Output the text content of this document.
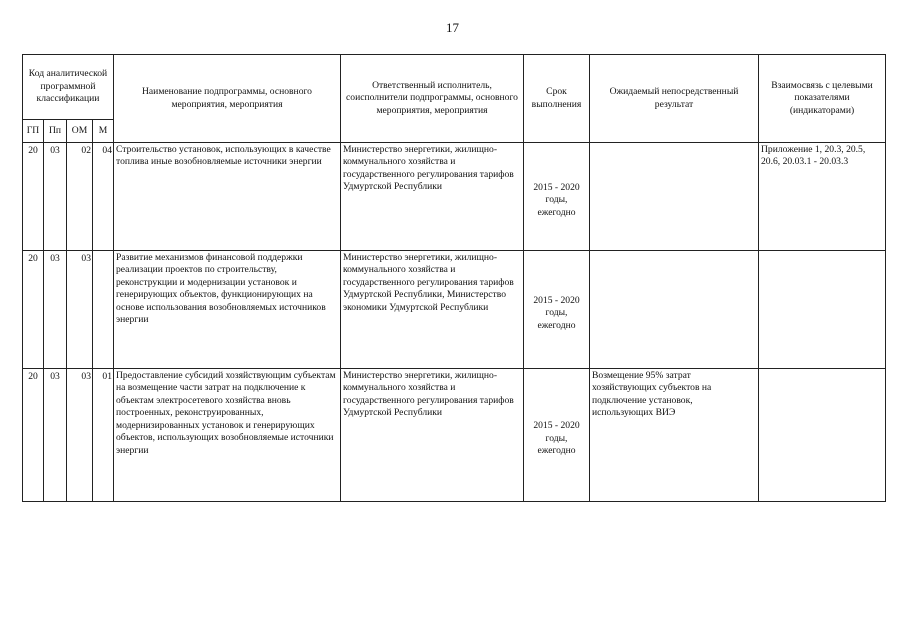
17
Код аналитической программной классификации				Наименование подпрограммы, основного мероприятия, мероприятия	Ответственный исполнитель, соисполнители подпрограммы, основного мероприятия, мероприятия	Срок выполнения	Ожидаемый непосредственный результат	Взаимосвязь с целевыми показателями (индикаторами)
ГП	Пп	ОМ	М					
20	03	02	04	Строительство установок, использующих в качестве топлива иные возобновляемые источники энергии	Министерство энергетики, жилищно-коммунального хозяйства и государственного регулирования тарифов Удмуртской Республики	2015 - 2020 годы, ежегодно		Приложение 1, 20.3, 20.5, 20.6, 20.03.1 - 20.03.3
20	03	03		Развитие механизмов финансовой поддержки реализации проектов по строительству, реконструкции и модернизации установок и генерирующих объектов, функционирующих на основе использования возобновляемых источников энергии	Министерство энергетики, жилищно-коммунального хозяйства и государственного регулирования тарифов Удмуртской Республики, Министерство экономики Удмуртской Республики	2015 - 2020 годы, ежегодно		

20	03	03	01	Предоставление субсидий хозяйствующим субъектам на возмещение части затрат на подключение к объектам электросетевого хозяйства вновь построенных, реконструированных, модернизированных установок и генерирующих объектов, использующих возобновляемые источники энергии	Министерство энергетики, жилищно-коммунального хозяйства и государственного регулирования тарифов Удмуртской Республики	2015 - 2020 годы, ежегодно	Возмещение 95% затрат хозяйствующих субъектов на подключение установок, использующих ВИЭ	
